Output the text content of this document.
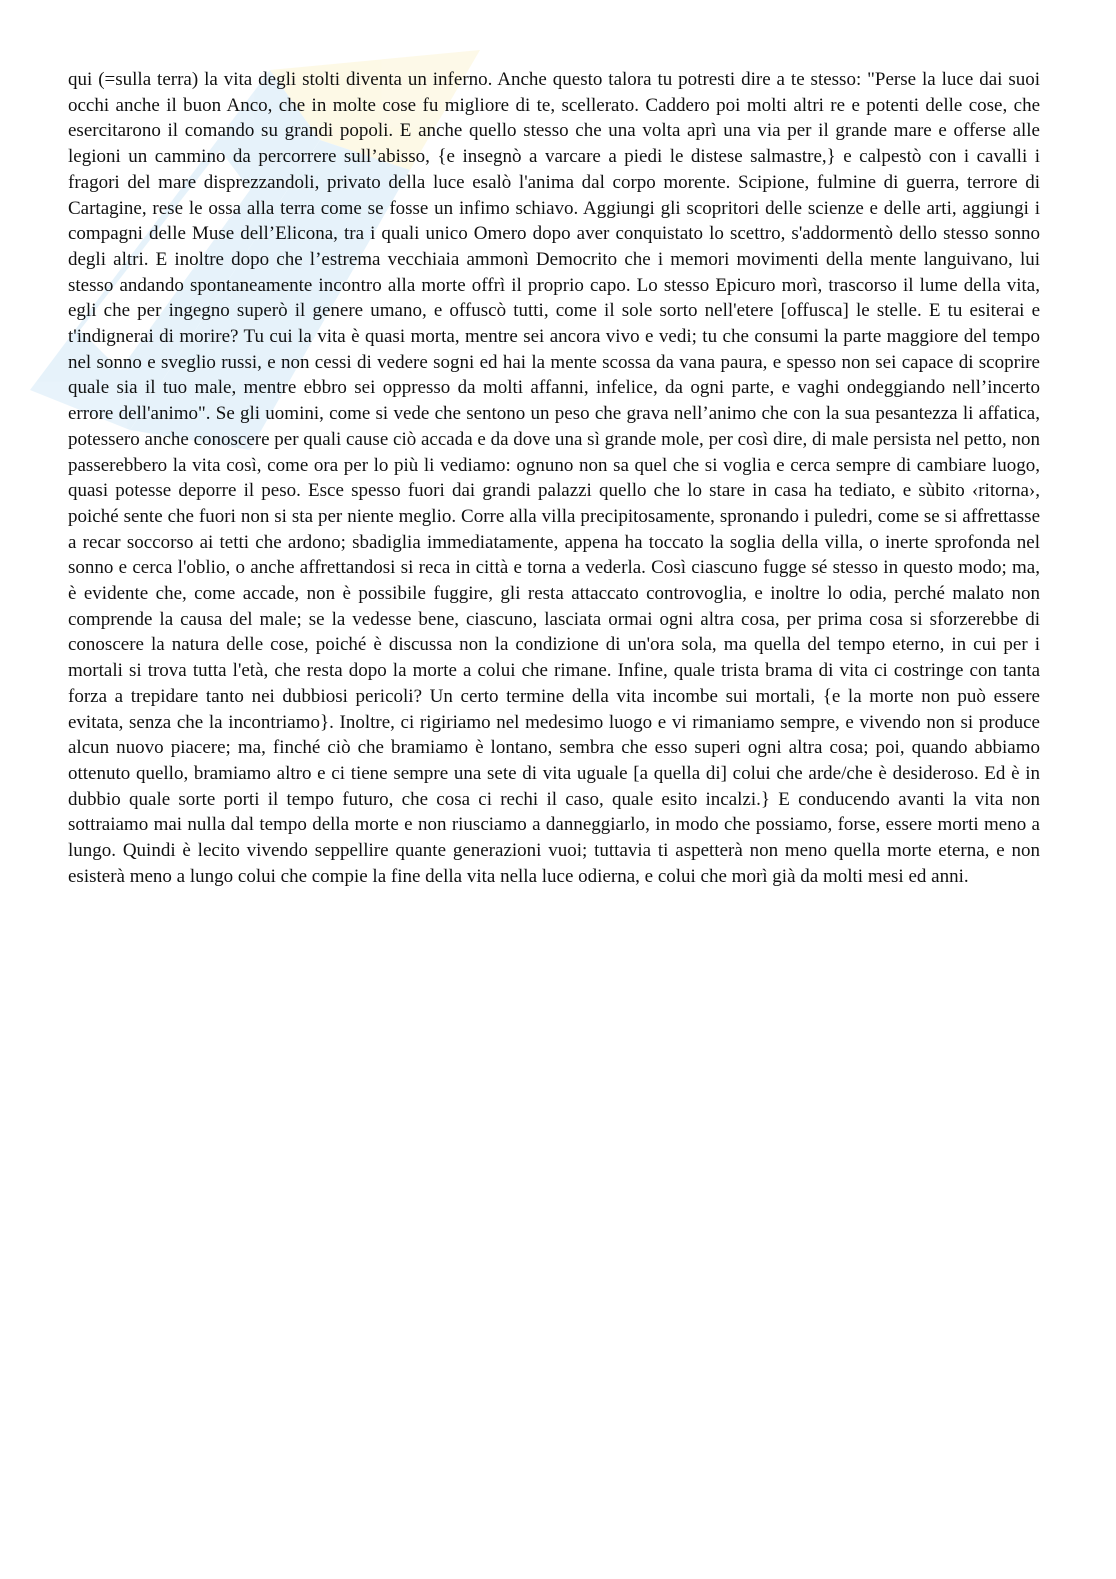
qui (=sulla terra) la vita degli stolti diventa un inferno. Anche questo talora tu potresti dire a te stesso: "Perse la luce dai suoi occhi anche il buon Anco, che in molte cose fu migliore di te, scellerato. Caddero poi molti altri re e potenti delle cose, che esercitarono il comando su grandi popoli. E anche quello stesso che una volta aprì una via per il grande mare e offerse alle legioni un cammino da percorrere sull’abisso, {e insegnò a varcare a piedi le distese salmastre,} e calpestò con i cavalli i fragori del mare disprezzandoli, privato della luce esalò l'anima dal corpo morente. Scipione, fulmine di guerra, terrore di Cartagine, rese le ossa alla terra come se fosse un infimo schiavo. Aggiungi gli scopritori delle scienze e delle arti, aggiungi i compagni delle Muse dell’Elicona, tra i quali unico Omero dopo aver conquistato lo scettro, s'addormentò dello stesso sonno degli altri. E inoltre dopo che l’estrema vecchiaia ammonì Democrito che i memori movimenti della mente languivano, lui stesso andando spontaneamente incontro alla morte offrì il proprio capo. Lo stesso Epicuro morì, trascorso il lume della vita, egli che per ingegno superò il genere umano, e offuscò tutti, come il sole sorto nell'etere [offusca] le stelle. E tu esiterai e t'indignerai di morire? Tu cui la vita è quasi morta, mentre sei ancora vivo e vedi; tu che consumi la parte maggiore del tempo nel sonno e sveglio russi, e non cessi di vedere sogni ed hai la mente scossa da vana paura, e spesso non sei capace di scoprire quale sia il tuo male, mentre ebbro sei oppresso da molti affanni, infelice, da ogni parte, e vaghi ondeggiando nell’incerto errore dell'animo". Se gli uomini, come si vede che sentono un peso che grava nell’animo che con la sua pesantezza li affatica, potessero anche conoscere per quali cause ciò accada e da dove una sì grande mole, per così dire, di male persista nel petto, non passerebbero la vita così, come ora per lo più li vediamo: ognuno non sa quel che si voglia e cerca sempre di cambiare luogo, quasi potesse deporre il peso. Esce spesso fuori dai grandi palazzi quello che lo stare in casa ha tediato, e sùbito ‹ritorna›, poiché sente che fuori non si sta per niente meglio. Corre alla villa precipitosamente, spronando i puledri, come se si affrettasse a recar soccorso ai tetti che ardono; sbadiglia immediatamente, appena ha toccato la soglia della villa, o inerte sprofonda nel sonno e cerca l'oblio, o anche affrettandosi si reca in città e torna a vederla. Così ciascuno fugge sé stesso in questo modo; ma, è evidente che, come accade, non è possibile fuggire, gli resta attaccato controvoglia, e inoltre lo odia, perché malato non comprende la causa del male; se la vedesse bene, ciascuno, lasciata ormai ogni altra cosa, per prima cosa si sforzerebbe di conoscere la natura delle cose, poiché è discussa non la condizione di un'ora sola, ma quella del tempo eterno, in cui per i mortali si trova tutta l'età, che resta dopo la morte a colui che rimane. Infine, quale trista brama di vita ci costringe con tanta forza a trepidare tanto nei dubbiosi pericoli? Un certo termine della vita incombe sui mortali, {e la morte non può essere evitata, senza che la incontriamo}. Inoltre, ci rigiriamo nel medesimo luogo e vi rimaniamo sempre, e vivendo non si produce alcun nuovo piacere; ma, finché ciò che bramiamo è lontano, sembra che esso superi ogni altra cosa; poi, quando abbiamo ottenuto quello, bramiamo altro e ci tiene sempre una sete di vita uguale [a quella di] colui che arde/che è desideroso. Ed è in dubbio quale sorte porti il tempo futuro, che cosa ci rechi il caso, quale esito incalzi.} E conducendo avanti la vita non sottraiamo mai nulla dal tempo della morte e non riusciamo a danneggiarlo, in modo che possiamo, forse, essere morti meno a lungo. Quindi è lecito vivendo seppellire quante generazioni vuoi; tuttavia ti aspetterà non meno quella morte eterna, e non esisterà meno a lungo colui che compie la fine della vita nella luce odierna, e colui che morì già da molti mesi ed anni.
